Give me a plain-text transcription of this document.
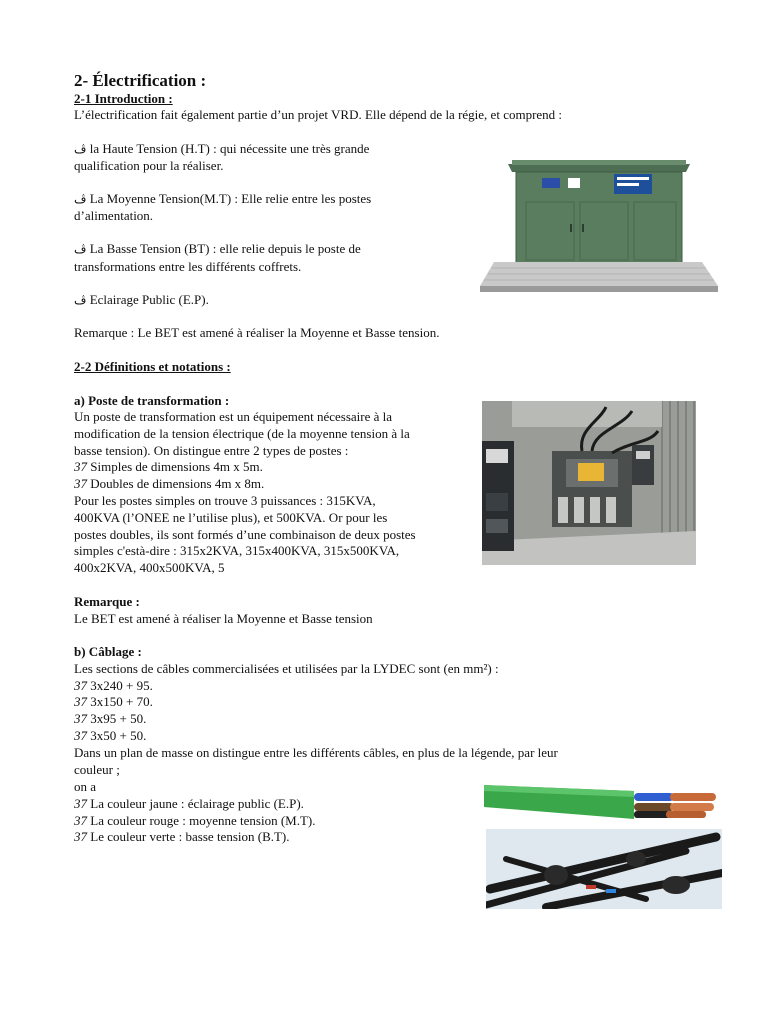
2- Électrification :
2-1 Introduction :
L’électrification fait également partie d’un projet VRD. Elle dépend de la régie, et comprend :
ڤ la Haute Tension (H.T) : qui nécessite une très grande
qualification pour la réaliser.
ڤ La Moyenne Tension(M.T) : Elle relie entre les postes
d’alimentation.
ڤ La Basse Tension (BT) : elle relie depuis le poste de
transformations entre les différents coffrets.
ڤ Eclairage Public (E.P).
Remarque : Le BET est amené à réaliser la Moyenne et Basse tension.
2-2 Définitions et notations :
a) Poste de transformation :
Un poste de transformation est un équipement nécessaire à la
modification de la tension électrique (de la moyenne tension à la
basse tension). On distingue entre 2 types de postes :
37 Simples de dimensions 4m x 5m.
37 Doubles de dimensions 4m x 8m.
Pour les postes simples on trouve 3 puissances : 315KVA,
400KVA (l’ONEE ne l’utilise plus), et 500KVA. Or pour les
postes doubles, ils sont formés d’une combinaison de deux postes
simples c'està-dire : 315x2KVA, 315x400KVA, 315x500KVA,
400x2KVA, 400x500KVA, 5
Remarque :
Le BET est amené à réaliser la Moyenne et Basse tension
b) Câblage :
Les sections de câbles commercialisées et utilisées par la LYDEC sont (en mm²) :
37 3x240 + 95.
37 3x150 + 70.
37 3x95 + 50.
37 3x50 + 50.
Dans un plan de masse on distingue entre les différents câbles, en plus de la légende, par leur
couleur ;
on a
37 La couleur jaune : éclairage public (E.P).
37 La couleur rouge : moyenne tension (M.T).
37 Le couleur verte : basse tension (B.T).
